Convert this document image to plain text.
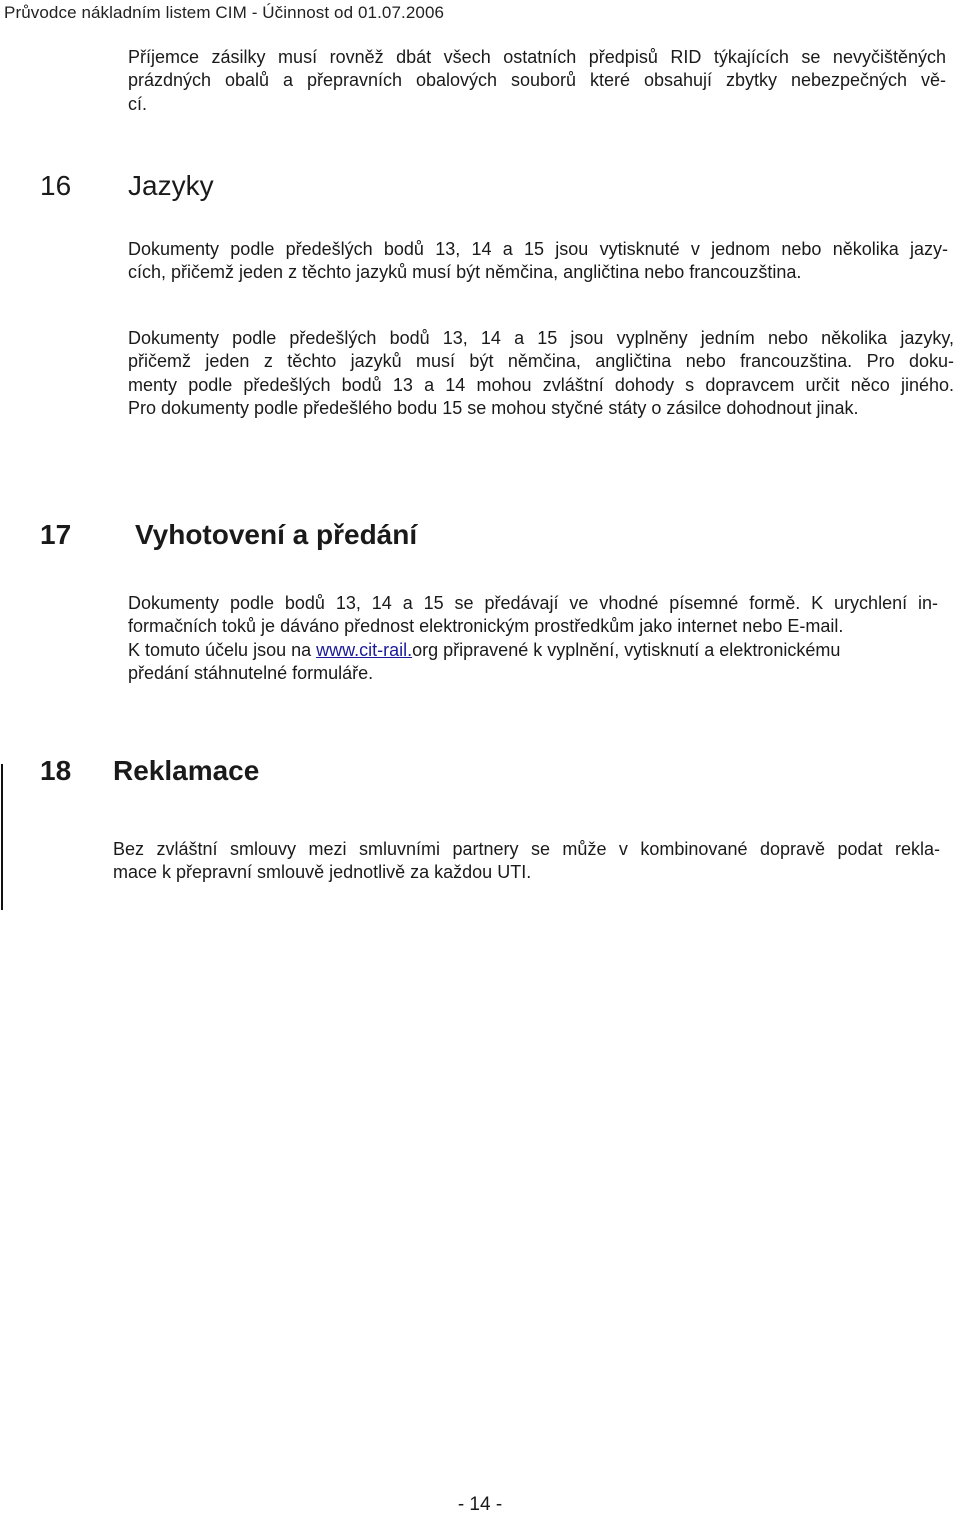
Průvodce nákladním listem CIM - Účinnost od 01.07.2006
Příjemce zásilky musí rovněž dbát všech ostatních předpisů RID týkajících se nevyčištěných
prázdných obalů a přepravních obalových souborů které obsahují zbytky nebezpečných vě-
cí.
16 Jazyky
Dokumenty podle předešlých bodů 13, 14 a 15 jsou vytisknuté v jednom nebo několika jazy-
cích, přičemž jeden z těchto jazyků musí být němčina, angličtina nebo francouzština.
Dokumenty podle předešlých bodů 13, 14 a 15 jsou vyplněny jedním nebo několika jazyky,
přičemž jeden z těchto jazyků musí být němčina, angličtina nebo francouzština. Pro doku-
menty podle předešlých bodů 13 a 14 mohou zvláštní dohody s dopravcem určit něco jiného.
Pro dokumenty podle předešlého bodu 15 se mohou styčné státy o zásilce dohodnout jinak.
17 Vyhotovení a předání
Dokumenty podle bodů 13, 14 a 15 se předávají ve vhodné písemné formě. K urychlení in-
formačních toků je dáváno přednost elektronickým prostředkům jako internet nebo E-mail.
K tomuto účelu jsou na www.cit-rail.org připravené k vyplnění, vytisknutí a elektronickému
předání stáhnutelné formuláře.
18 Reklamace
Bez zvláštní smlouvy mezi smluvními partnery se může v kombinované dopravě podat rekla-
mace k přepravní smlouvě jednotlivě za každou UTI.
- 14 -
